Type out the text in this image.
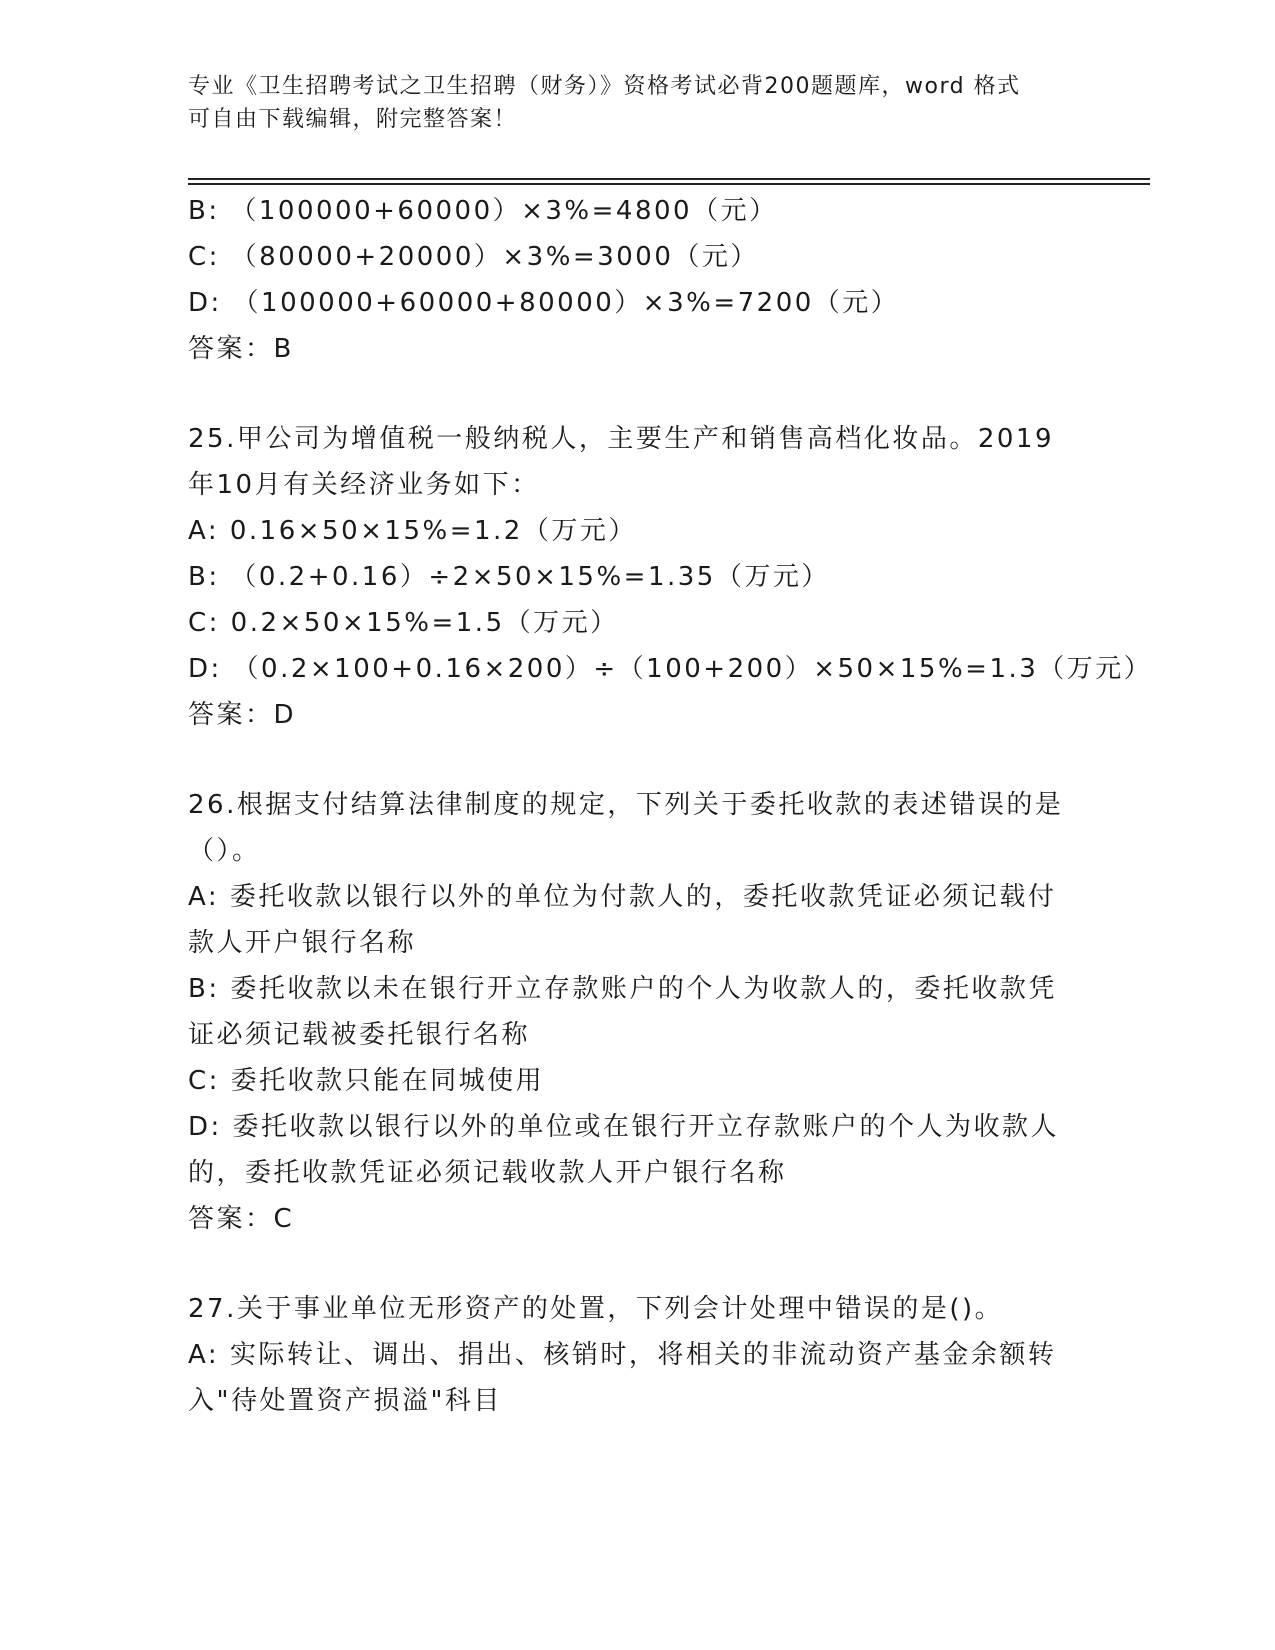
专业《卫生招聘考试之卫生招聘（财务）》资格考试必背200题题库，word 格式
可自由下载编辑，附完整答案！
B: （100000+60000）×3%=4800（元）
C: （80000+20000）×3%=3000（元）
D: （100000+60000+80000）×3%=7200（元）
答案：B
25.甲公司为增值税一般纳税人，主要生产和销售高档化妆品。2019
年10月有关经济业务如下：
A: 0.16×50×15%=1.2（万元）
B: （0.2+0.16）÷2×50×15%=1.35（万元）
C: 0.2×50×15%=1.5（万元）
D: （0.2×100+0.16×200）÷（100+200）×50×15%=1.3（万元）
答案：D
26.根据支付结算法律制度的规定，下列关于委托收款的表述错误的是
（）。
A: 委托收款以银行以外的单位为付款人的，委托收款凭证必须记载付
款人开户银行名称
B: 委托收款以未在银行开立存款账户的个人为收款人的，委托收款凭
证必须记载被委托银行名称
C: 委托收款只能在同城使用
D: 委托收款以银行以外的单位或在银行开立存款账户的个人为收款人
的，委托收款凭证必须记载收款人开户银行名称
答案：C
27.关于事业单位无形资产的处置，下列会计处理中错误的是()。
A: 实际转让、调出、捐出、核销时，将相关的非流动资产基金余额转
入"待处置资产损溢"科目
